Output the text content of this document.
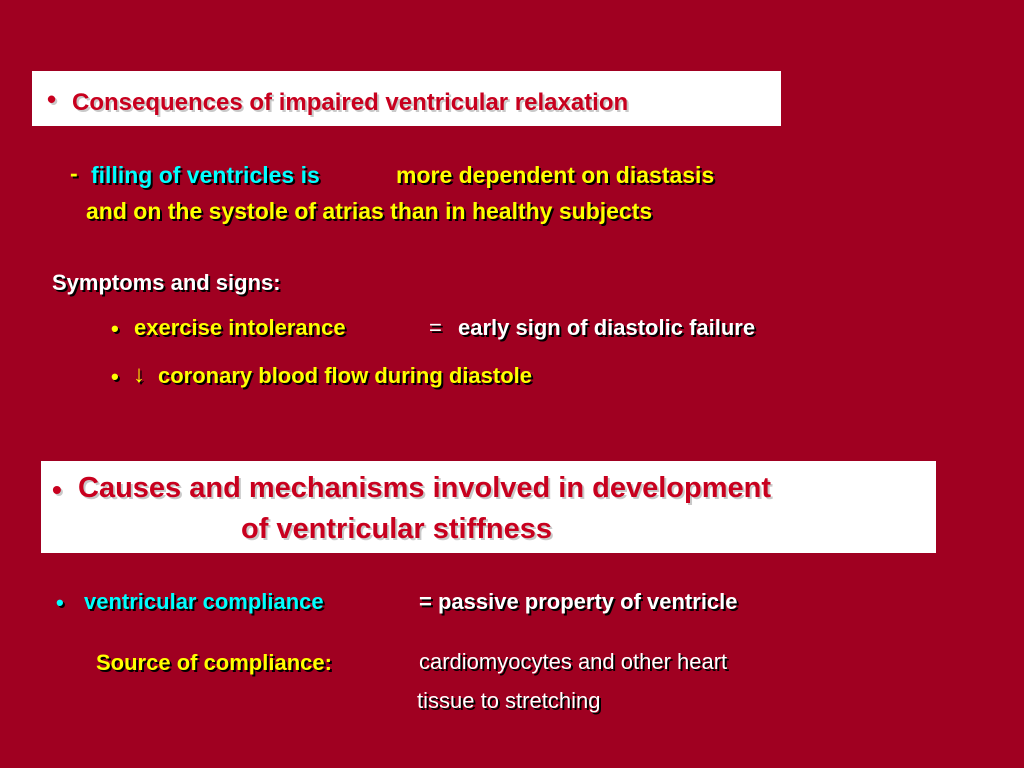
• Consequences of impaired ventricular relaxation
- filling of ventricles is	more dependent on diastasis
and on the systole of atrias than in healthy subjects
Symptoms and signs:
• exercise intolerance	= early sign of diastolic failure
• ↓ coronary blood flow during diastole
• Causes and mechanisms involved in development
of ventricular stiffness
• ventricular compliance	= passive property of ventricle
Source of compliance:	cardiomyocytes and other heart
tissue to stretching
